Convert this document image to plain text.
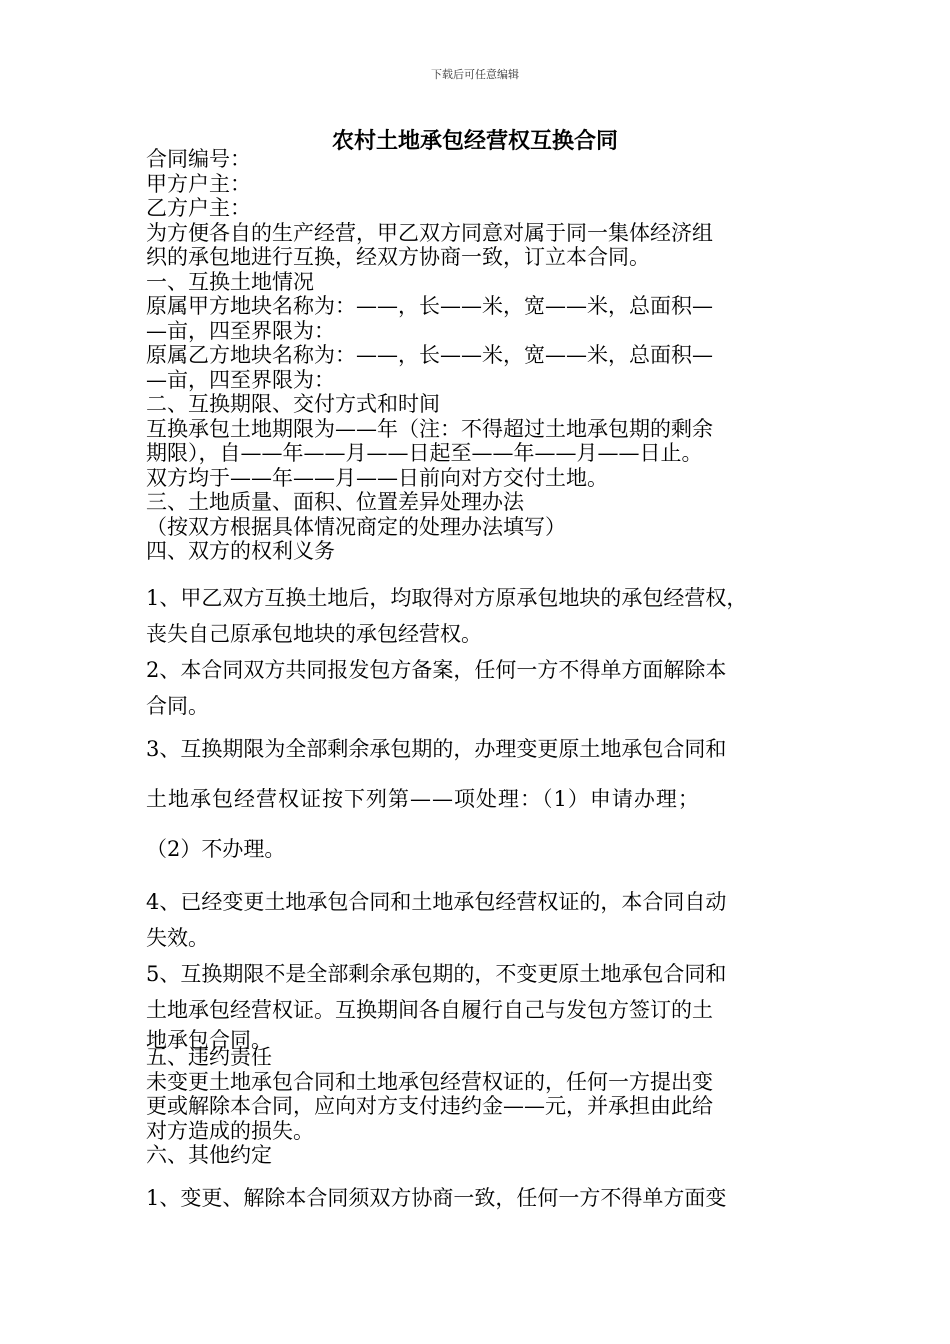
下载后可任意编辑
农村土地承包经营权互换合同

合同编号：

甲方户主：

乙方户主：

为方便各自的生产经营，甲乙双方同意对属于同一集体经济组

织的承包地进行互换，经双方协商一致，订立本合同。

一、互换土地情况

原属甲方地块名称为：——，长——米，宽——米，总面积—

—亩，四至界限为：

原属乙方地块名称为：——，长——米，宽——米，总面积—

—亩，四至界限为：

二、互换期限、交付方式和时间

互换承包土地期限为——年（注：不得超过土地承包期的剩余

期限），自——年——月——日起至——年——月——日止。

双方均于——年——月——日前向对方交付土地。

三、土地质量、面积、位置差异处理办法

（按双方根据具体情况商定的处理办法填写）

四、双方的权利义务

1、甲乙双方互换土地后，均取得对方原承包地块的承包经营权，

丧失自己原承包地块的承包经营权。

2、本合同双方共同报发包方备案，任何一方不得单方面解除本

合同。

3、互换期限为全部剩余承包期的，办理变更原土地承包合同和

土地承包经营权证按下列第——项处理：（1）申请办理；

（2）不办理。

4、已经变更土地承包合同和土地承包经营权证的，本合同自动

失效。

5、互换期限不是全部剩余承包期的，不变更原土地承包合同和

土地承包经营权证。互换期间各自履行自己与发包方签订的土

地承包合同。

五、违约责任

未变更土地承包合同和土地承包经营权证的，任何一方提出变

更或解除本合同，应向对方支付违约金——元，并承担由此给

对方造成的损失。

六、其他约定

1、变更、解除本合同须双方协商一致，任何一方不得单方面变
